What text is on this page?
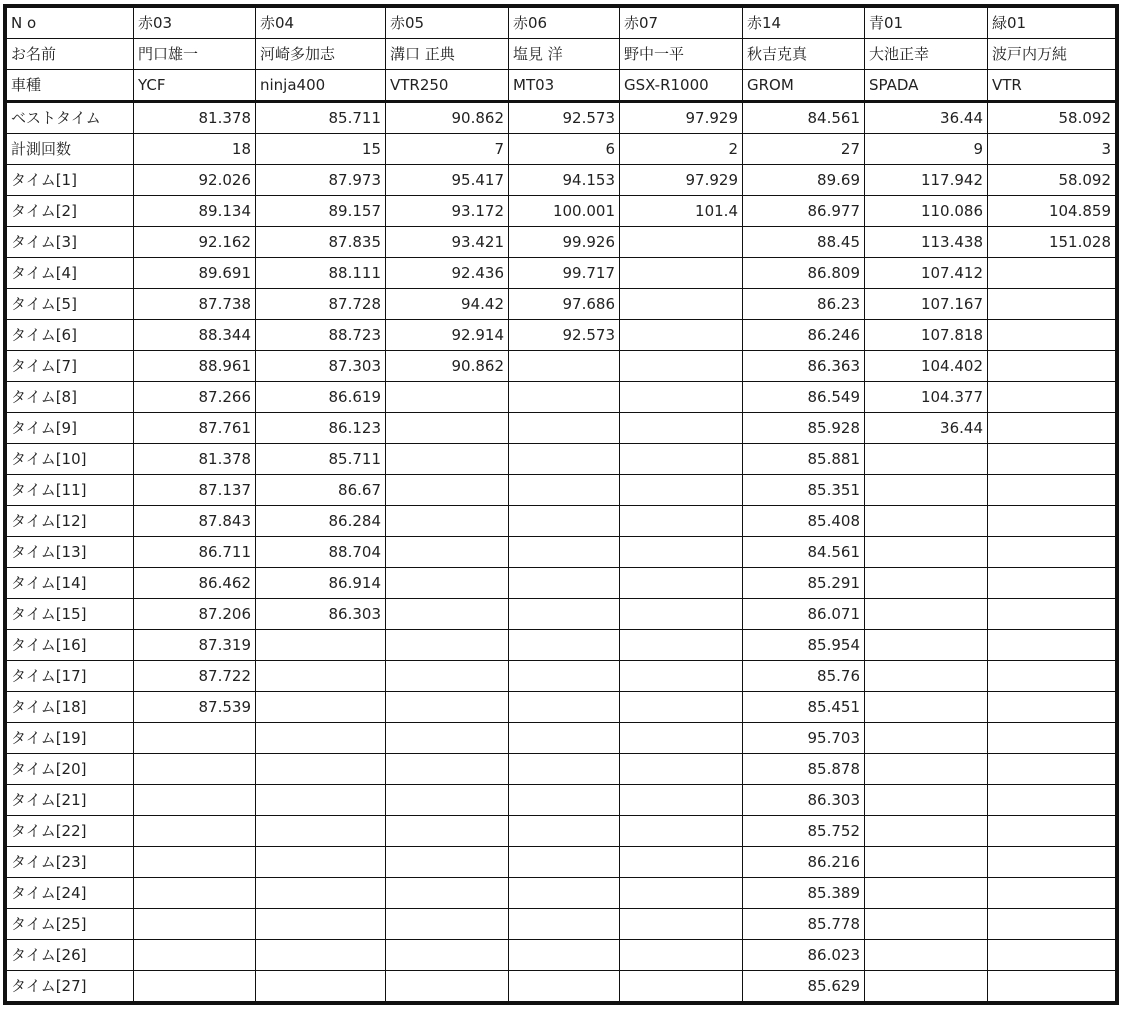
N o	赤03	赤04	赤05	赤06	赤07	赤14	青01	緑01
お名前	門口雄一	河崎多加志	溝口 正典	塩見 洋	野中一平	秋吉克真	大池正幸	波戸内万純
車種	YCF	ninja400	VTR250	MT03	GSX-R1000	GROM	SPADA	VTR
ベストタイム	81.378	85.711	90.862	92.573	97.929	84.561	36.44	58.092
計測回数	18	15	7	6	2	27	9	3
タイム[1]	92.026	87.973	95.417	94.153	97.929	89.69	117.942	58.092
タイム[2]	89.134	89.157	93.172	100.001	101.4	86.977	110.086	104.859
タイム[3]	92.162	87.835	93.421	99.926		88.45	113.438	151.028
タイム[4]	89.691	88.111	92.436	99.717		86.809	107.412	
タイム[5]	87.738	87.728	94.42	97.686		86.23	107.167	
タイム[6]	88.344	88.723	92.914	92.573		86.246	107.818	
タイム[7]	88.961	87.303	90.862			86.363	104.402	
タイム[8]	87.266	86.619				86.549	104.377	
タイム[9]	87.761	86.123				85.928	36.44	
タイム[10]	81.378	85.711				85.881		
タイム[11]	87.137	86.67				85.351		
タイム[12]	87.843	86.284				85.408		
タイム[13]	86.711	88.704				84.561		
タイム[14]	86.462	86.914				85.291		
タイム[15]	87.206	86.303				86.071		
タイム[16]	87.319					85.954		
タイム[17]	87.722					85.76		
タイム[18]	87.539					85.451		
タイム[19]						95.703		
タイム[20]						85.878		
タイム[21]						86.303		
タイム[22]						85.752		
タイム[23]						86.216		
タイム[24]						85.389		
タイム[25]						85.778		
タイム[26]						86.023		
タイム[27]						85.629		
